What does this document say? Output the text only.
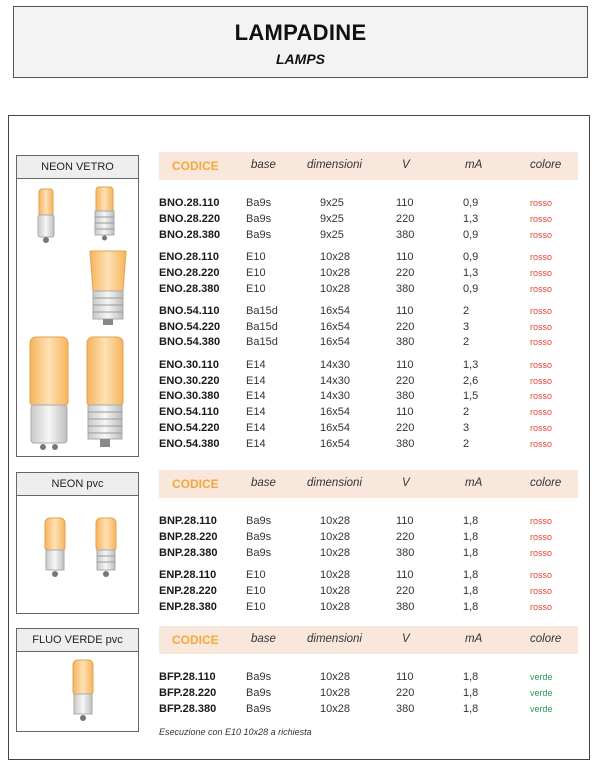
LAMPADINE
LAMPS
NEON VETRO	CODICE	base	dimensioni	V	mA	colore
NEON pvc	CODICE	base	dimensioni	V	mA	colore
FLUO VERDE pvc	CODICE	base	dimensioni	V	mA	colore
BNO.28.110 Ba9s	9x25	110	0,9	rosso
BNO.28.220 Ba9s	9x25	220	1,3	rosso
BNO.28.380 Ba9s	9x25	380	0,9	rosso
ENO.28.110 E10	10x28	110	0,9	rosso
ENO.28.220 E10	10x28	220	1,3	rosso
ENO.28.380 E10	10x28	380	0,9	rosso
BNO.54.110 Ba15d	16x54	110	2	rosso
BNO.54.220 Ba15d	16x54	220	3	rosso
BNO.54.380 Ba15d	16x54	380	2	rosso
ENO.30.110 E14	14x30	110	1,3	rosso
ENO.30.220 E14	14x30	220	2,6	rosso
ENO.30.380 E14	14x30	380	1,5	rosso
ENO.54.110 E14	16x54	110	2	rosso
ENO.54.220 E14	16x54	220	3	rosso
ENO.54.380 E14	16x54	380	2	rosso
BNP.28.110	Ba9s	10x28	110	1,8	rosso
BNP.28.220	Ba9s	10x28	220	1,8	rosso
BNP.28.380	Ba9s	10x28	380	1,8	rosso
ENP.28.110	E10	10x28	110	1,8	rosso
ENP.28.220	E10	10x28	220	1,8	rosso
ENP.28.380	E10	10x28	380	1,8	rosso
BFP.28.110	Ba9s	10x28	110	1,8	verde
BFP.28.220	Ba9s	10x28	220	1,8	verde
BFP.28.380	Ba9s	10x28	380	1,8	verde
Esecuzione con E10 10x28 a richiesta
